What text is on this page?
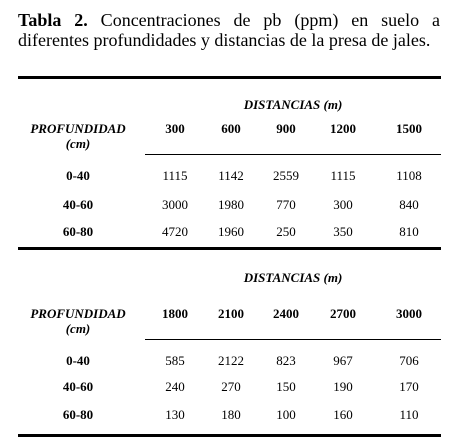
Tabla 2. Concentraciones de pb (ppm) en suelo a diferentes profundidades y distancias de la presa de jales.
DISTANCIAS (m)
PROFUNDIDAD (cm)
300	600	900	1200	1500
0-40	1115	1142	2559	1115	1108
40-60	3000	1980	770	300	840
60-80	4720	1960	250	350	810
DISTANCIAS (m)
PROFUNDIDAD (cm)
1800	2100	2400	2700	3000
0-40	585	2122	823	967	706
40-60	240	270	150	190	170
60-80	130	180	100	160	110
